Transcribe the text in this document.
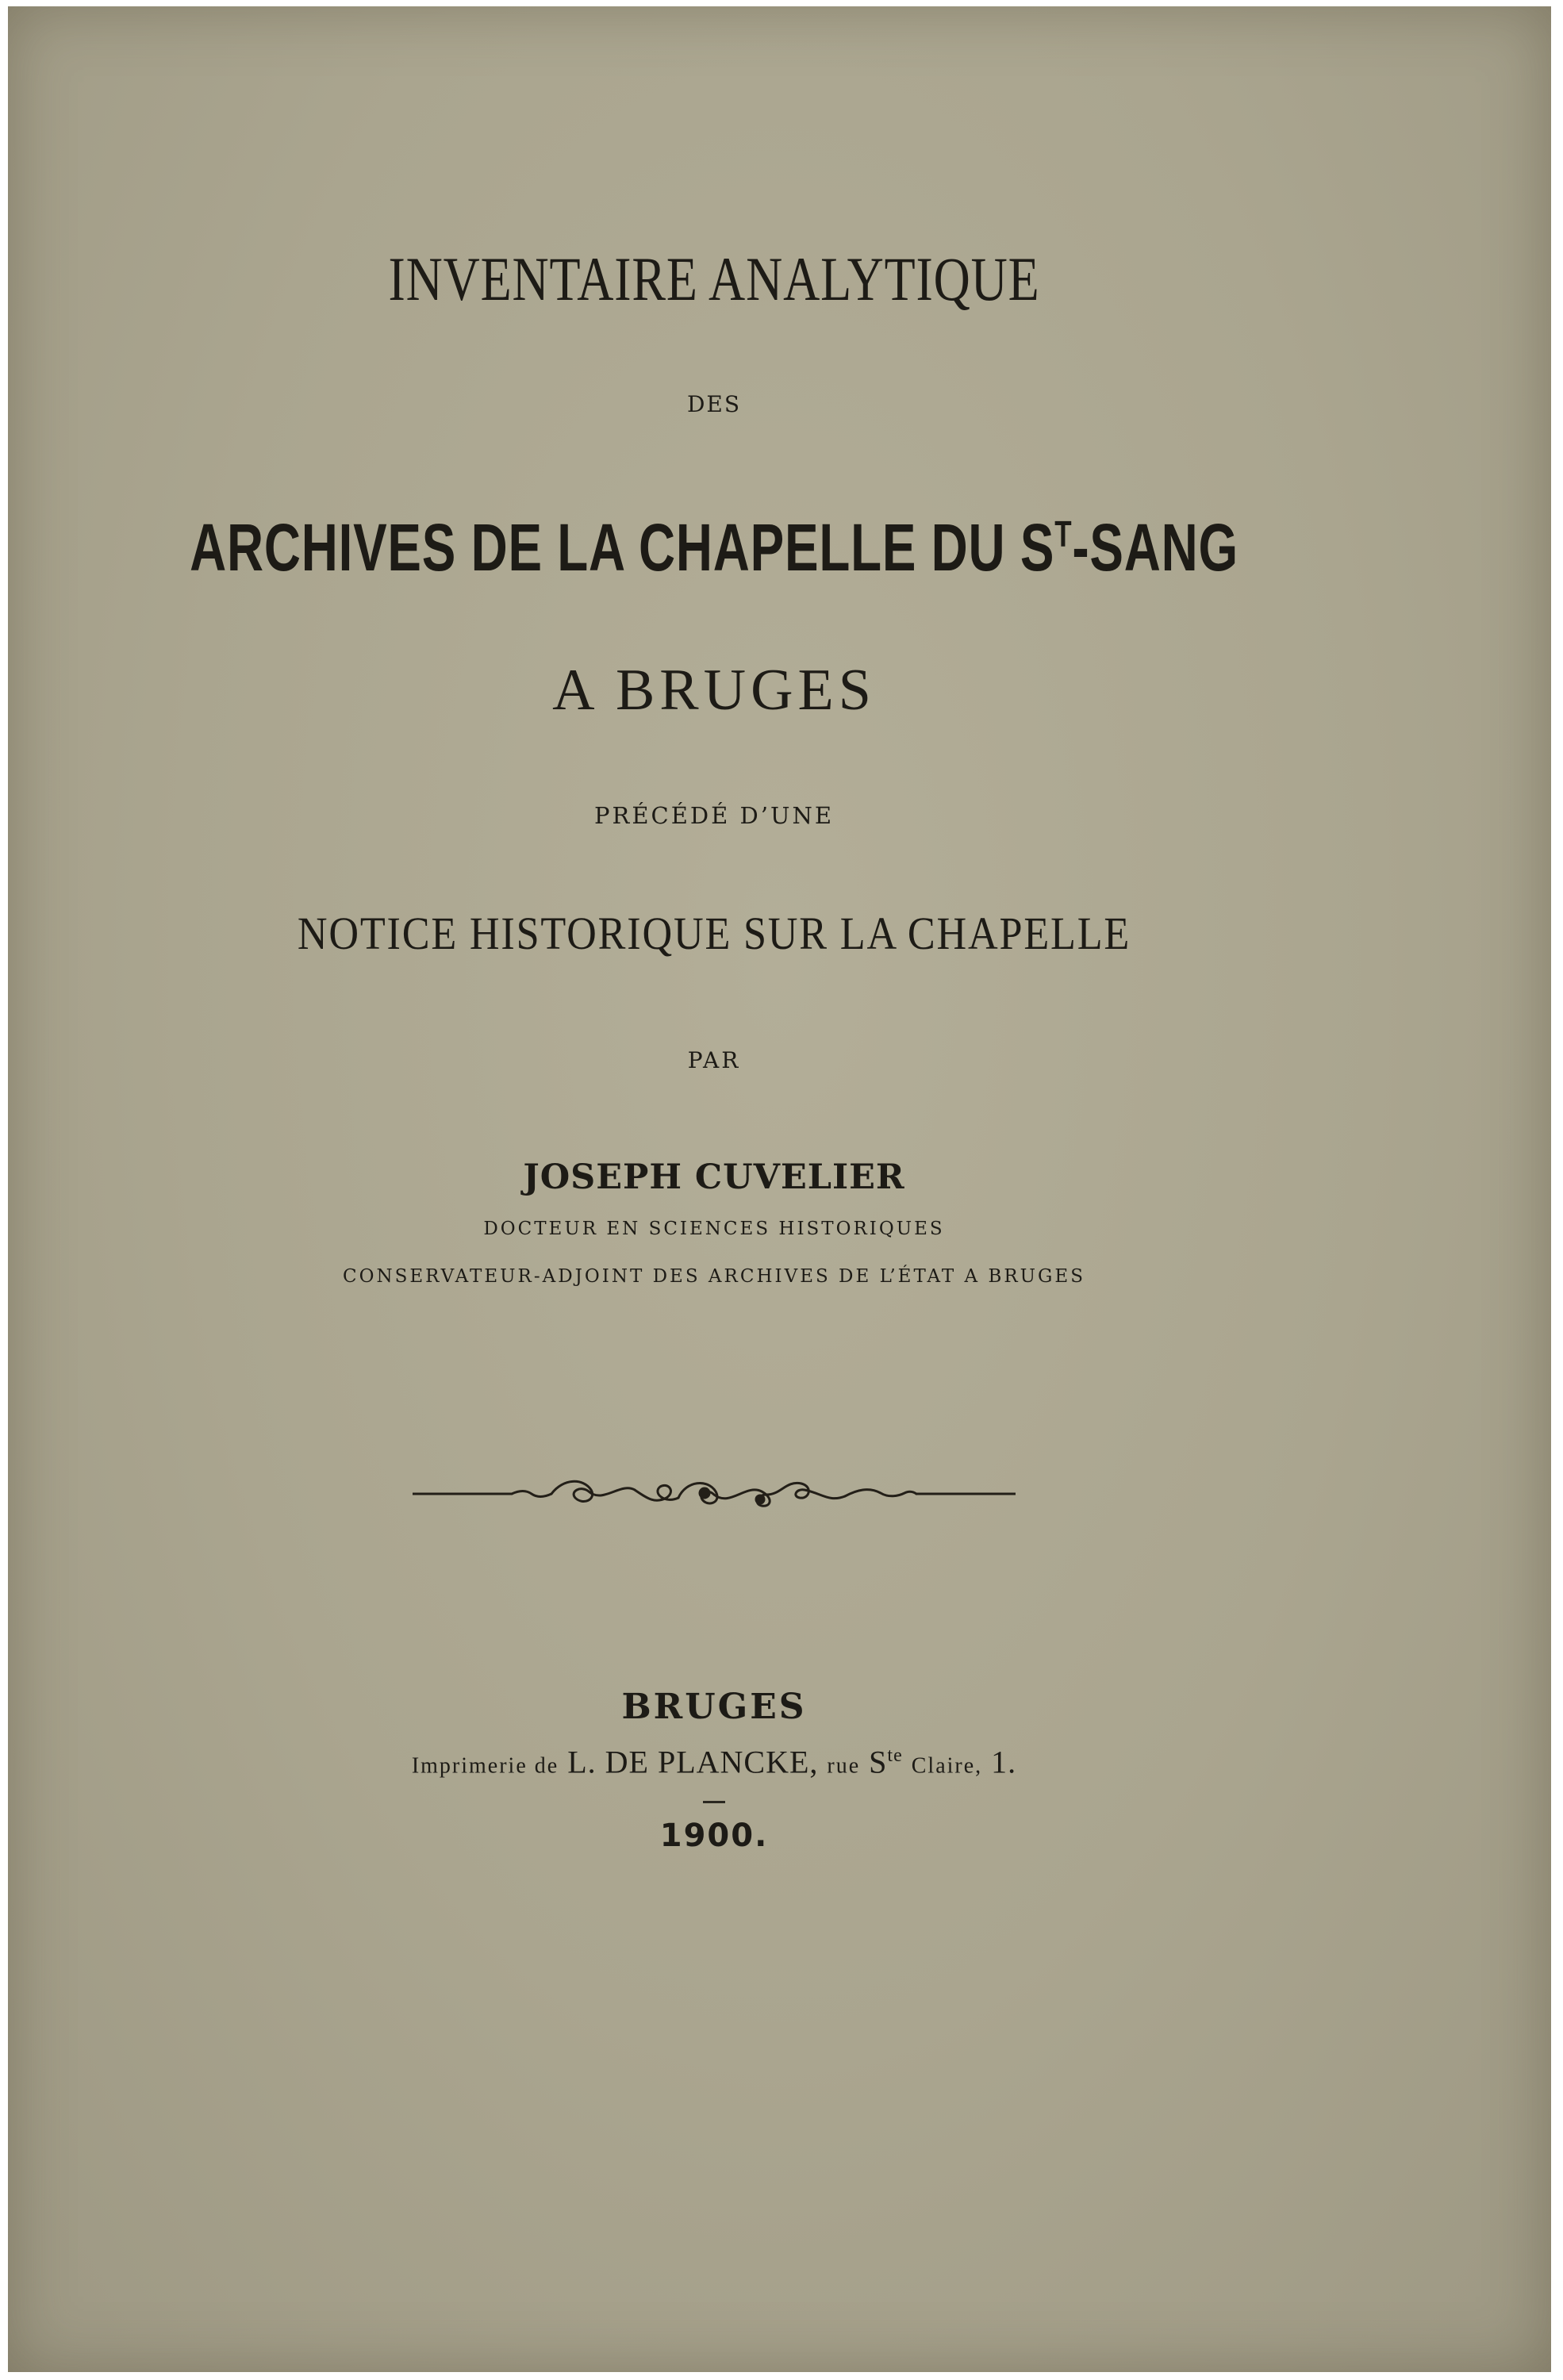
INVENTAIRE ANALYTIQUE
DES
ARCHIVES DE LA CHAPELLE DU $S^T$-SANG
A BRUGES
PRÉCÉDÉ D’UNE
NOTICE HISTORIQUE SUR LA CHAPELLE
PAR
JOSEPH CUVELIER
DOCTEUR EN SCIENCES HISTORIQUES
CONSERVATEUR-ADJOINT DES ARCHIVES DE L’ÉTAT A BRUGES
BRUGES
Imprimerie de L. DE PLANCKE, rue $S^{te}$ Claire, 1.
1900.
